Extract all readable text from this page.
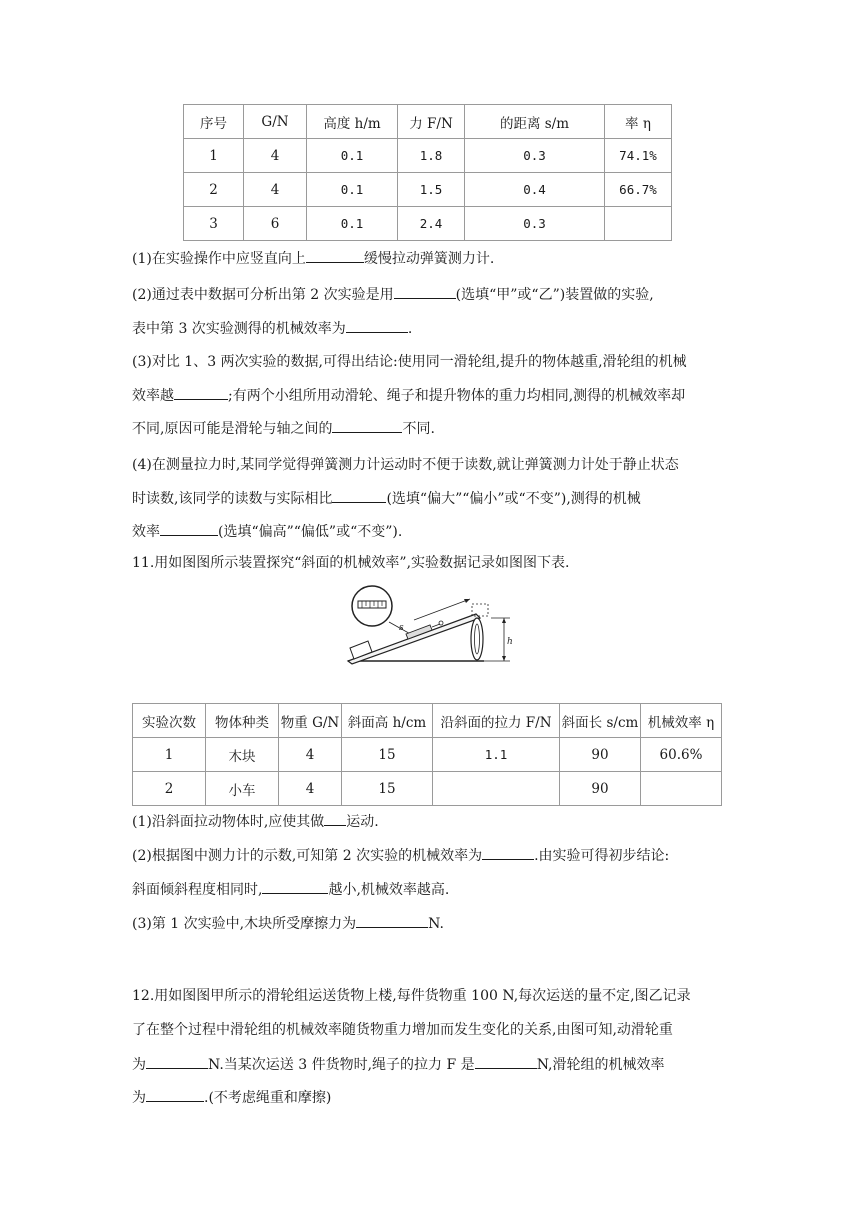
序号	G/N	高度 h/m	力 F/N	的距离 s/m	率 η
1	4	0.1	1.8	0.3	74.1%
2	4	0.1	1.5	0.4	66.7%
3	6	0.1	2.4	0.3	
(1)在实验操作中应竖直向上	缓慢拉动弹簧测力计.
(2)通过表中数据可分析出第 2 次实验是用	(选填“甲”或“乙”)装置做的实验,
表中第 3 次实验测得的机械效率为	.
(3)对比 1、3 两次实验的数据,可得出结论:使用同一滑轮组,提升的物体越重,滑轮组的机械
效率越	;有两个小组所用动滑轮、绳子和提升物体的重力均相同,测得的机械效率却
不同,原因可能是滑轮与轴之间的	不同.
(4)在测量拉力时,某同学觉得弹簧测力计运动时不便于读数,就让弹簧测力计处于静止状态
时读数,该同学的读数与实际相比	(选填“偏大”“偏小”或“不变”),测得的机械
效率	(选填“偏高”“偏低”或“不变”).
11.用如图图所示装置探究“斜面的机械效率”,实验数据记录如图图下表.
s
h
实验次数	物体种类	物重 G/N	斜面高 h/cm	沿斜面的拉力 F/N	斜面长 s/cm	机械效率 η
1	木块	4	15	1.1	90	60.6%
2	小车	4	15		90	
(1)沿斜面拉动物体时,应使其做 运动.
(2)根据图中测力计的示数,可知第 2 次实验的机械效率为	.由实验可得初步结论:
斜面倾斜程度相同时,	越小,机械效率越高.
(3)第 1 次实验中,木块所受摩擦力为	N.
12.用如图图甲所示的滑轮组运送货物上楼,每件货物重 100 N,每次运送的量不定,图乙记录
了在整个过程中滑轮组的机械效率随货物重力增加而发生变化的关系,由图可知,动滑轮重
为	N.当某次运送 3 件货物时,绳子的拉力 F 是	N,滑轮组的机械效率
为	.(不考虑绳重和摩擦)
